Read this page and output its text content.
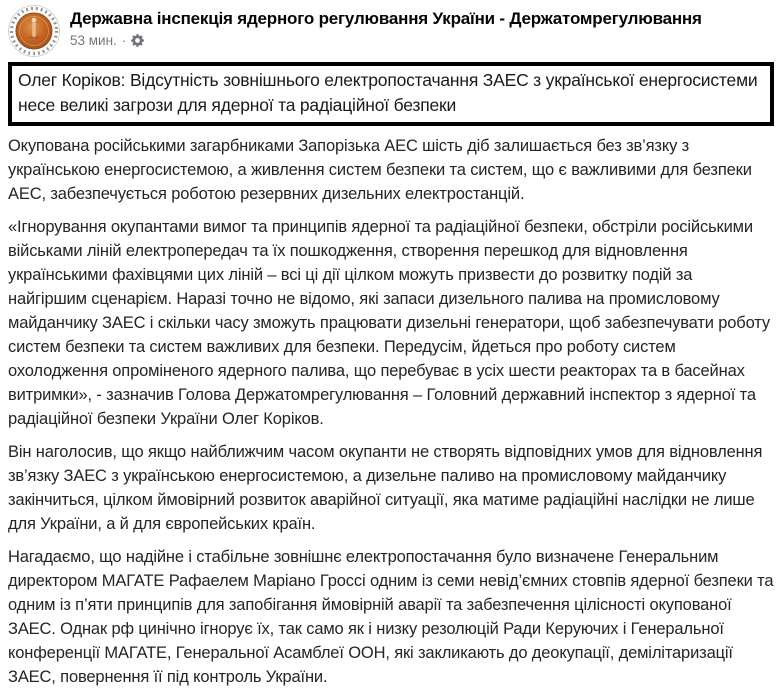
Державна інспекція ядерного регулювання України - Держатомрегулювання
53 мин. ·
Олег Коріков: Відсутність зовнішнього електропостачання ЗАЕС з української енергосистеми несе великі загрози для ядерної та радіаційної безпеки

Окупована російськими загарбниками Запорізька АЕС шість діб залишається без зв’язку з українською енергосистемою, а живлення систем безпеки та систем, що є важливими для безпеки АЕС, забезпечується роботою резервних дизельних електростанцій.

«Ігнорування окупантами вимог та принципів ядерної та радіаційної безпеки, обстріли російськими військами ліній електропередач та їх пошкодження, створення перешкод для відновлення українськими фахівцями цих ліній – всі ці дії цілком можуть призвести до розвитку подій за найгіршим сценарієм. Наразі точно не відомо, які запаси дизельного палива на промисловому майданчику ЗАЕС і скільки часу зможуть працювати дизельні генератори, щоб забезпечувати роботу систем безпеки та систем важливих для безпеки. Передусім, йдеться про роботу систем охолодження опроміненого ядерного палива, що перебуває в усіх шести реакторах та в басейнах витримки», - зазначив Голова Держатомрегулювання – Головний державний інспектор з ядерної та радіаційної безпеки України Олег Коріков.

Він наголосив, що якщо найближчим часом окупанти не створять відповідних умов для відновлення зв’язку ЗАЕС з українською енергосистемою, а дизельне паливо на промисловому майданчику закінчиться, цілком ймовірний розвиток аварійної ситуації, яка матиме радіаційні наслідки не лише для України, а й для європейських країн.

Нагадаємо, що надійне і стабільне зовнішнє електропостачання було визначене Генеральним директором МАГАТЕ Рафаелем Маріано Гроссі одним із семи невід’ємних стовпів ядерної безпеки та одним із п’яти принципів для запобігання ймовірній аварії та забезпечення цілісності окупованої ЗАЕС. Однак рф цинічно ігнорує їх, так само як і низку резолюцій Ради Керуючих і Генеральної конференції МАГАТЕ, Генеральної Асамблеї ООН, які закликають до деокупації, демілітаризації ЗАЕС, повернення її під контроль України.
